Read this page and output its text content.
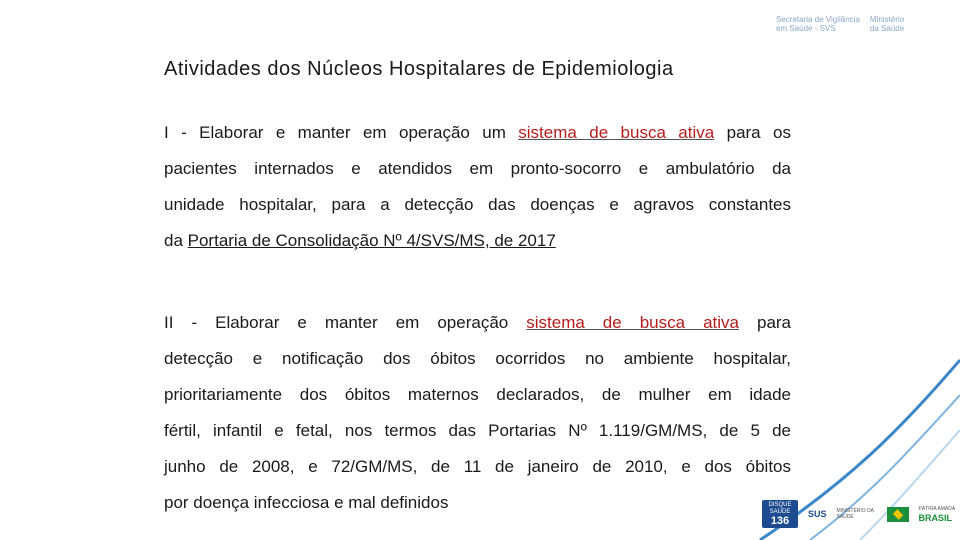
Secretaria de Vigilância
em Saúde - SVS
Ministério
da Saúde
Atividades dos Núcleos Hospitalares de Epidemiologia
I - Elaborar e manter em operação um sistema de busca ativa para os
pacientes internados e atendidos em pronto-socorro e ambulatório da
unidade hospitalar, para a detecção das doenças e agravos constantes
da Portaria de Consolidação Nº 4/SVS/MS, de 2017
II - Elaborar e manter em operação sistema de busca ativa para
detecção e notificação dos óbitos ocorridos no ambiente hospitalar,
prioritariamente dos óbitos maternos declarados, de mulher em idade
fértil, infantil e fetal, nos termos das Portarias Nº 1.119/GM/MS, de 5 de
junho de 2008, e 72/GM/MS, de 11 de janeiro de 2010, e dos óbitos
por doença infecciosa e mal definidos	DISQUE SAÚDE
136
SUS MINISTÉRIO DA SAÚDE
PÁTRIA AMADA
BRASIL
